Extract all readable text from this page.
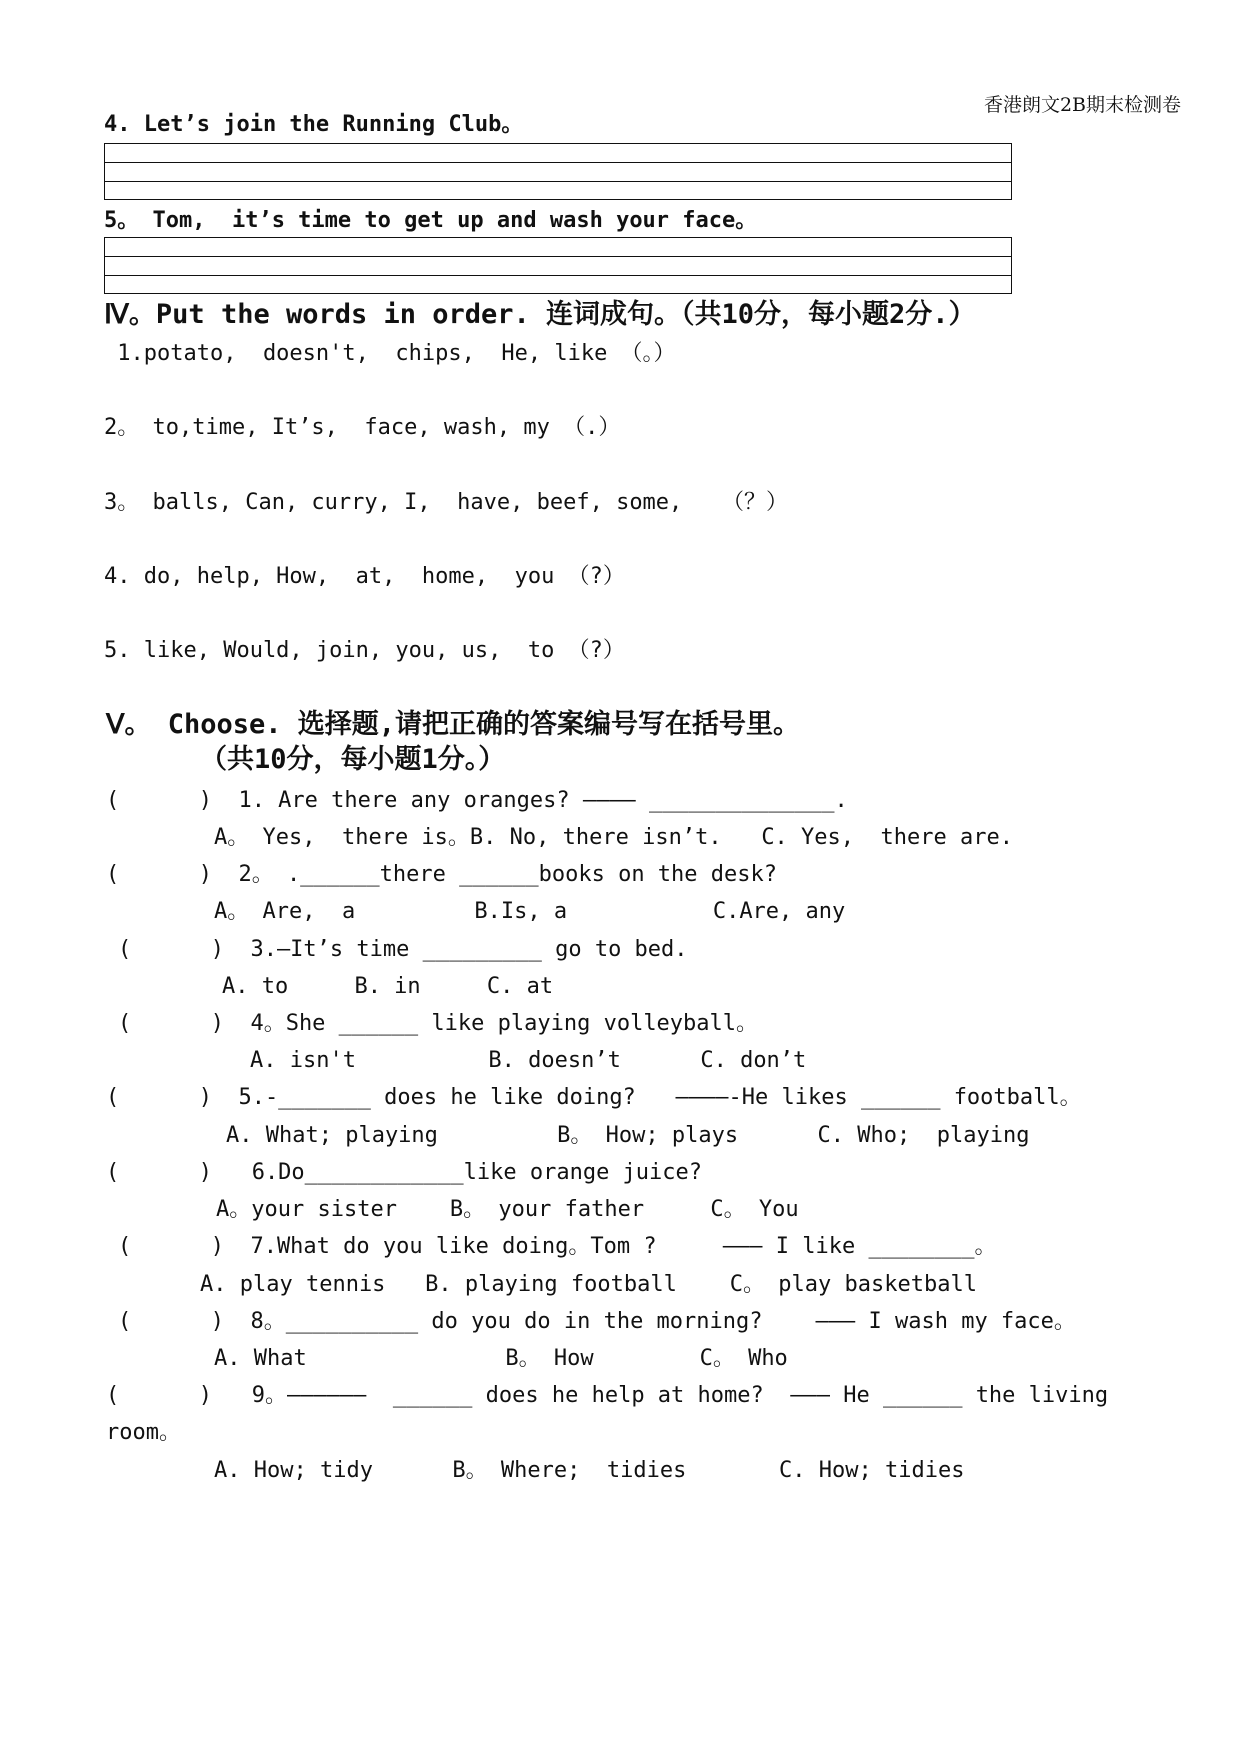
香港朗文2B期末检测卷
4. Let’s join the Running Club。
5。 Tom,  it’s time to get up and wash your face。
Ⅳ。Put the words in order. 连词成句。（共10分，每小题2分.）
1.potato,  doesn't,  chips,  He, like （。）
2。 to,time, It’s,  face, wash, my （.）
3。 balls, Can, curry, I,  have, beef, some,   （？）
4. do, help, How,  at,  home,  you （?）
5. like, Would, join, you, us,  to （?）
Ⅴ。 Choose. 选择题,请把正确的答案编号写在括号里。
（共10分，每小题1分。）
(      )  1. Are there any oranges? ———— ______________.
A。 Yes,  there is。B. No, there isn’t.   C. Yes,  there are.
(      )  2。 .______there ______books on the desk?
A。 Are,  a         B.Is, a           C.Are, any
(      )  3.–It’s time _________ go to bed.
A. to     B. in     C. at
(      )  4。She ______ like playing volleyball。
A. isn't          B. doesn’t      C. don’t
(      )  5.-_______ does he like doing?   ————-He likes ______ football。
A. What; playing         B。 How; plays      C. Who;  playing
(      )   6.Do____________like orange juice?
A。your sister    B。 your father     C。 You
(      )  7.What do you like doing。Tom ?     ——— I like ________。
A. play tennis   B. playing football    C。 play basketball
(      )  8。__________ do you do in the morning?    ——— I wash my face。
A. What               B。 How        C。 Who
(      )   9。——————  ______ does he help at home?  ——— He ______ the living
room。
A. How; tidy      B。 Where;  tidies       C. How; tidies
